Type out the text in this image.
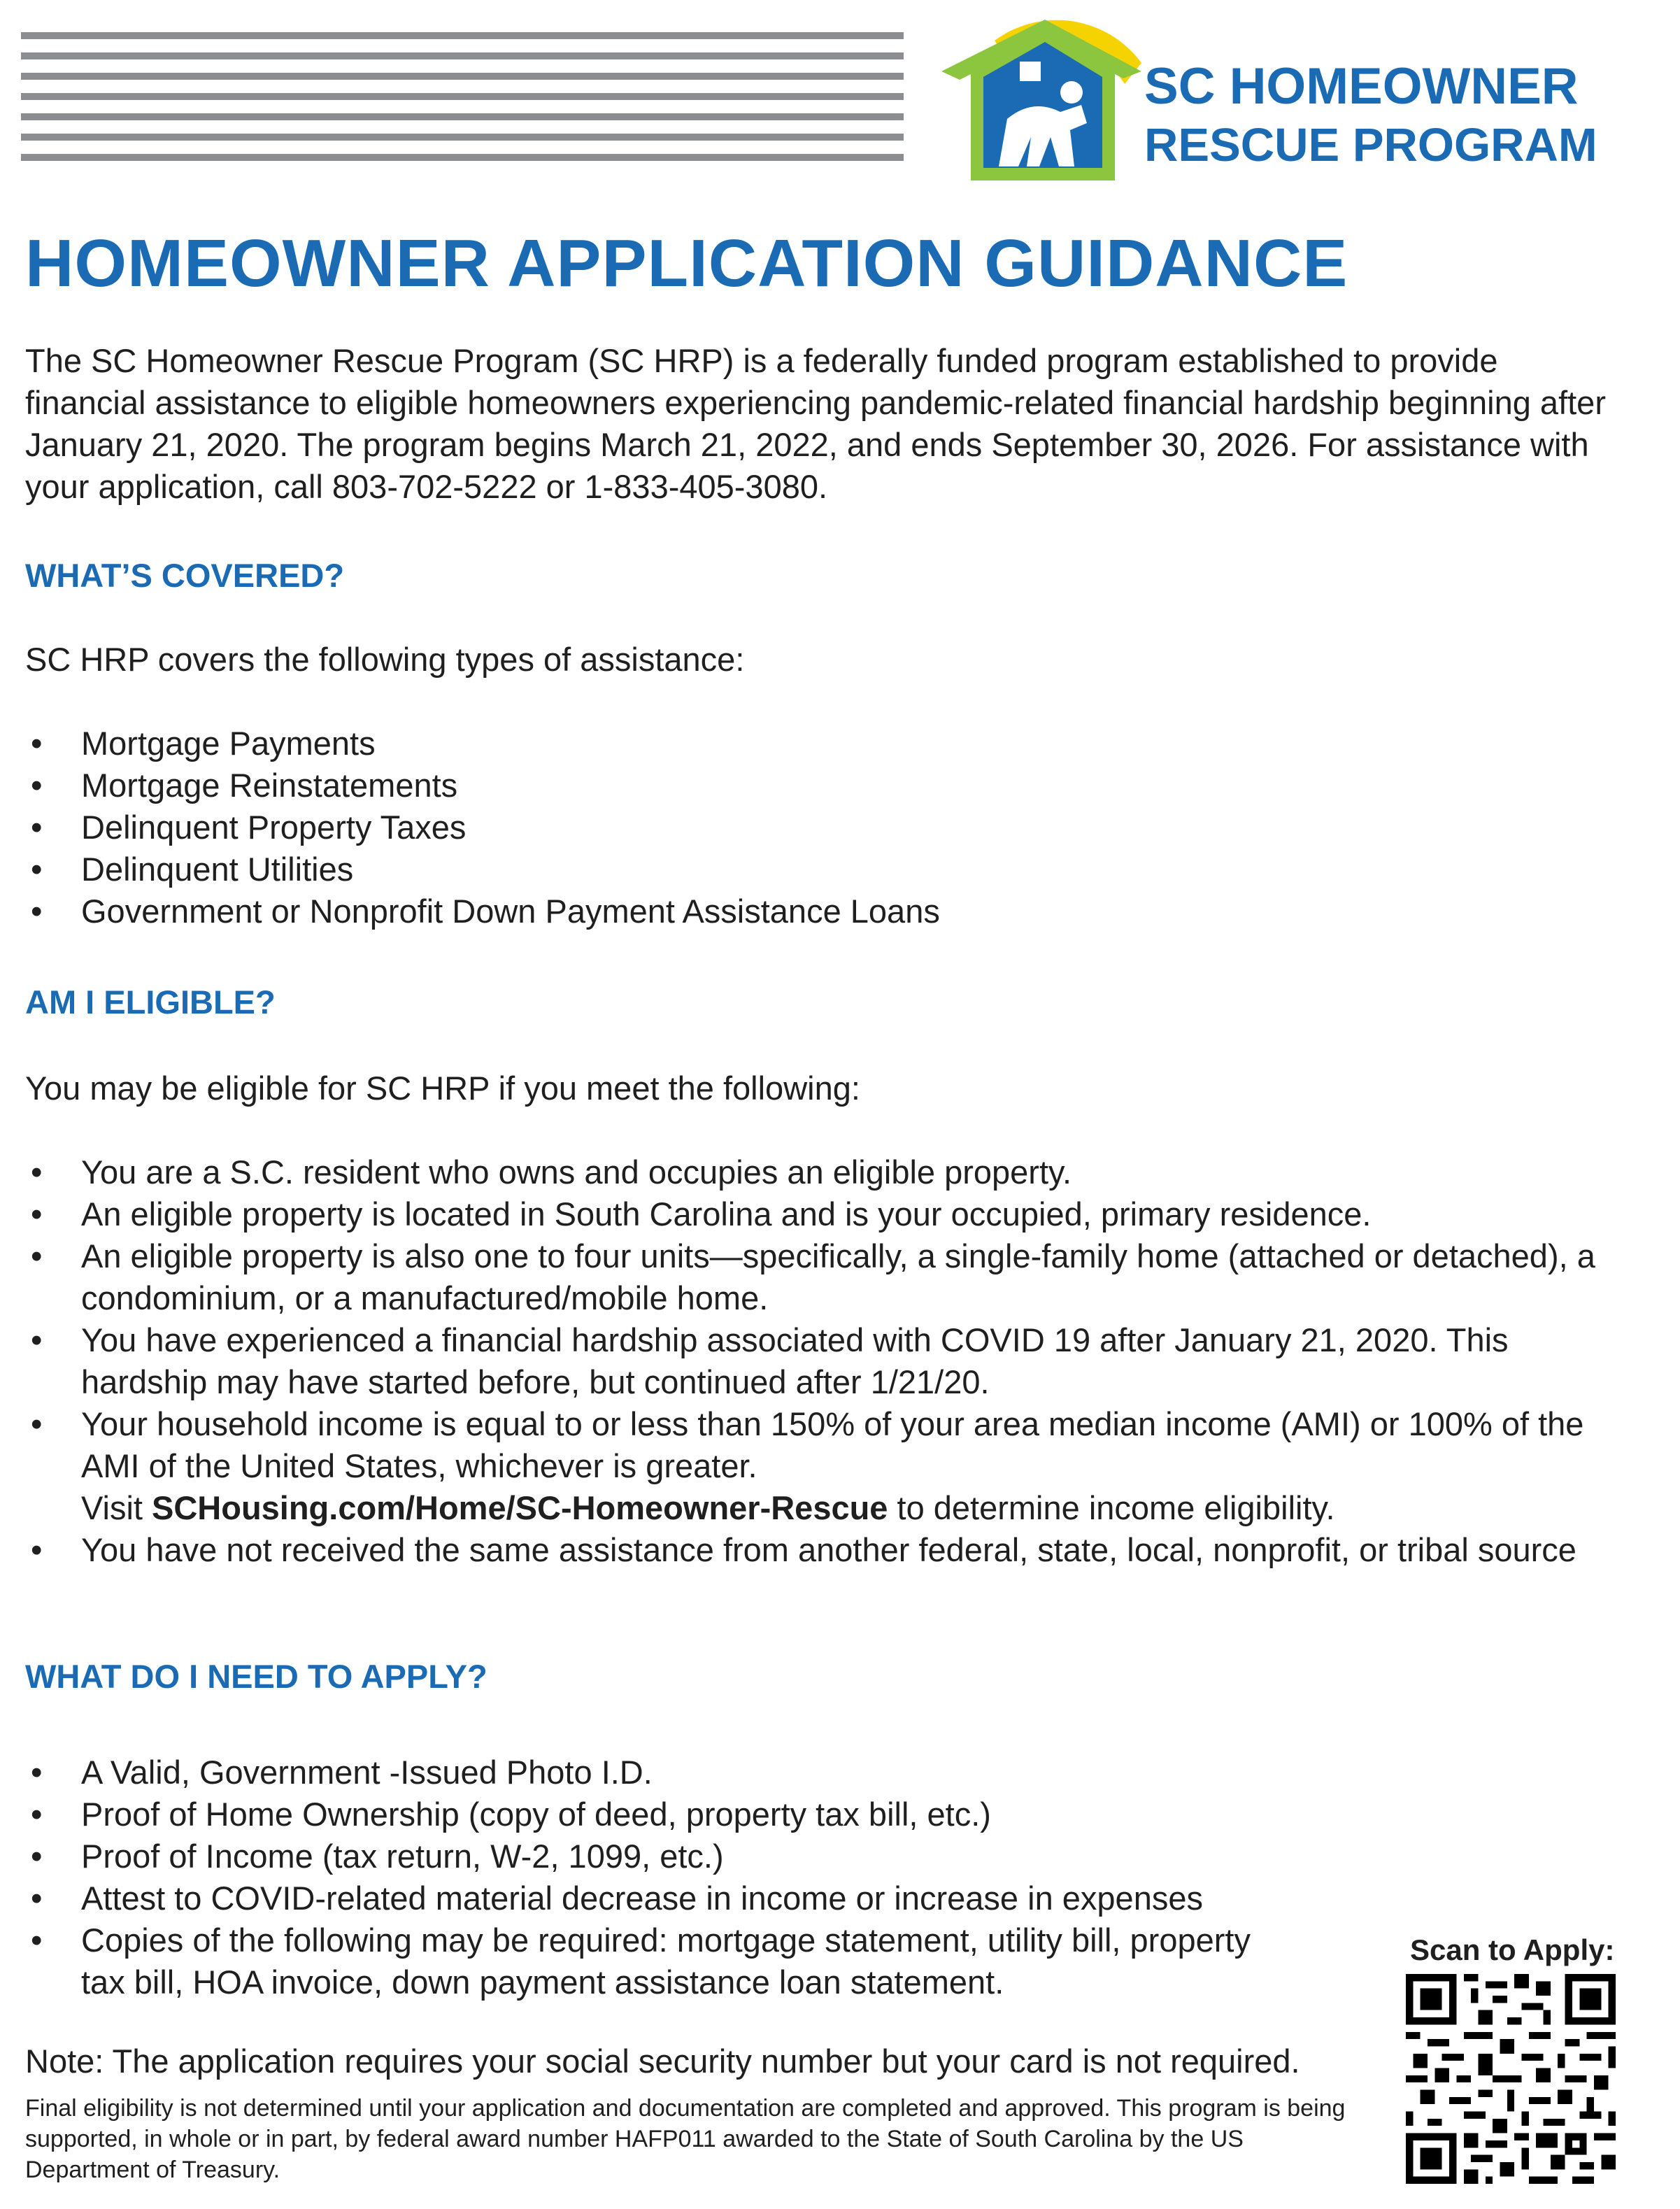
SC HOMEOWNER
RESCUE PROGRAM
HOMEOWNER APPLICATION GUIDANCE

The SC Homeowner Rescue Program (SC HRP) is a federally funded program established to provide financial assistance to eligible homeowners experiencing pandemic-related financial hardship beginning after January 21, 2020. The program begins March 21, 2022, and ends September 30, 2026. For assistance with your application, call 803-702-5222 or 1-833-405-3080.

WHAT’S COVERED?

SC HRP covers the following types of assistance:

• Mortgage Payments
• Mortgage Reinstatements
• Delinquent Property Taxes
• Delinquent Utilities
• Government or Nonprofit Down Payment Assistance Loans
AM I ELIGIBLE?

You may be eligible for SC HRP if you meet the following:

• You are a S.C. resident who owns and occupies an eligible property.
• An eligible property is located in South Carolina and is your occupied, primary residence.
• An eligible property is also one to four units—specifically, a single-family home (attached or detached), a condominium, or a manufactured/mobile home.
• You have experienced a financial hardship associated with COVID 19 after January 21, 2020. This hardship may have started before, but continued after 1/21/20.
• Your household income is equal to or less than 150% of your area median income (AMI) or 100% of the AMI of the United States, whichever is greater.
Visit SCHousing.com/Home/SC-Homeowner-Rescue to determine income eligibility.
• You have not received the same assistance from another federal, state, local, nonprofit, or tribal source
WHAT DO I NEED TO APPLY?
• A Valid, Government -Issued Photo I.D.
• Proof of Home Ownership (copy of deed, property tax bill, etc.)
• Proof of Income (tax return, W-2, 1099, etc.)
• Attest to COVID-related material decrease in income or increase in expenses
• Copies of the following may be required: mortgage statement, utility bill, property tax bill, HOA invoice, down payment assistance loan statement.

Note: The application requires your social security number but your card is not required.

Final eligibility is not determined until your application and documentation are completed and approved. This program is being supported, in whole or in part, by federal award number HAFP011 awarded to the State of South Carolina by the US Department of Treasury.

Scan to Apply:
